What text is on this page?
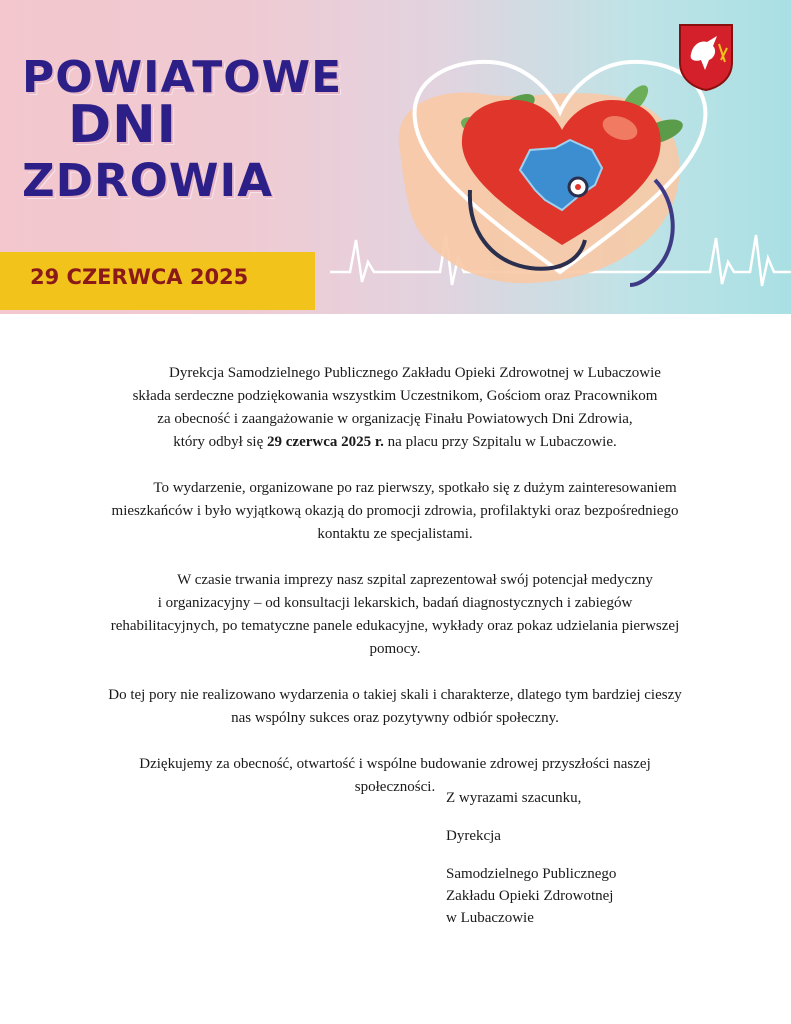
POWIATOWE
DNI
ZDROWIA
29 CZERWCA 2025

Dyrekcja Samodzielnego Publicznego Zakładu Opieki Zdrowotnej w Lubaczowie
składa serdeczne podziękowania wszystkim Uczestnikom, Gościom oraz Pracownikom
za obecność i zaangażowanie w organizację Finału Powiatowych Dni Zdrowia,
który odbył się 29 czerwca 2025 r. na placu przy Szpitalu w Lubaczowie.

To wydarzenie, organizowane po raz pierwszy, spotkało się z dużym zainteresowaniem
mieszkańców i było wyjątkową okazją do promocji zdrowia, profilaktyki oraz bezpośredniego
kontaktu ze specjalistami.

W czasie trwania imprezy nasz szpital zaprezentował swój potencjał medyczny
i organizacyjny – od konsultacji lekarskich, badań diagnostycznych i zabiegów
rehabilitacyjnych, po tematyczne panele edukacyjne, wykłady oraz pokaz udzielania pierwszej
pomocy.

Do tej pory nie realizowano wydarzenia o takiej skali i charakterze, dlatego tym bardziej cieszy
nas wspólny sukces oraz pozytywny odbiór społeczny.

Dziękujemy za obecność, otwartość i wspólne budowanie zdrowej przyszłości naszej
społeczności.

Z wyrazami szacunku,
Dyrekcja
Samodzielnego Publicznego
Zakładu Opieki Zdrowotnej
w Lubaczowie
